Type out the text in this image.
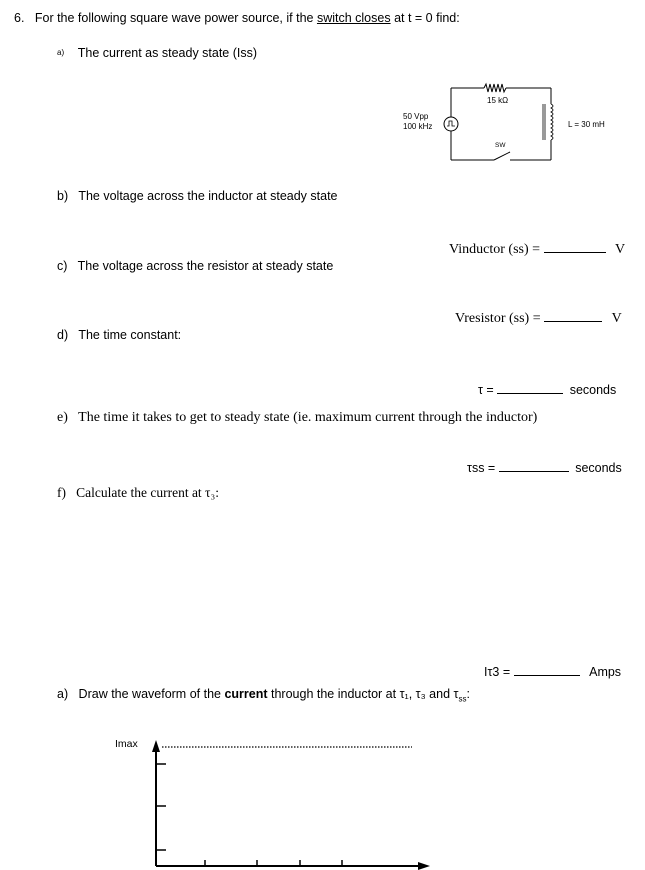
6. For the following square wave power source, if the switch closes at t = 0 find:
a) The current as steady state (Iss)
15 kΩ
50 Vpp
100 kHz
SW
L = 30 mH
b) The voltage across the inductor at steady state
Vinductor (ss) =	V
c) The voltage across the resistor at steady state
Vresistor (ss) =	V
d) The time constant:
τ =	seconds
e) The time it takes to get to steady state (ie. maximum current through the inductor)
τss =	seconds
f) Calculate the current at τ₃:
Iτ3 =	Amps
a) Draw the waveform of the current through the inductor at τ₁, τ₃ and $\tau_{ss}$:
Imax
